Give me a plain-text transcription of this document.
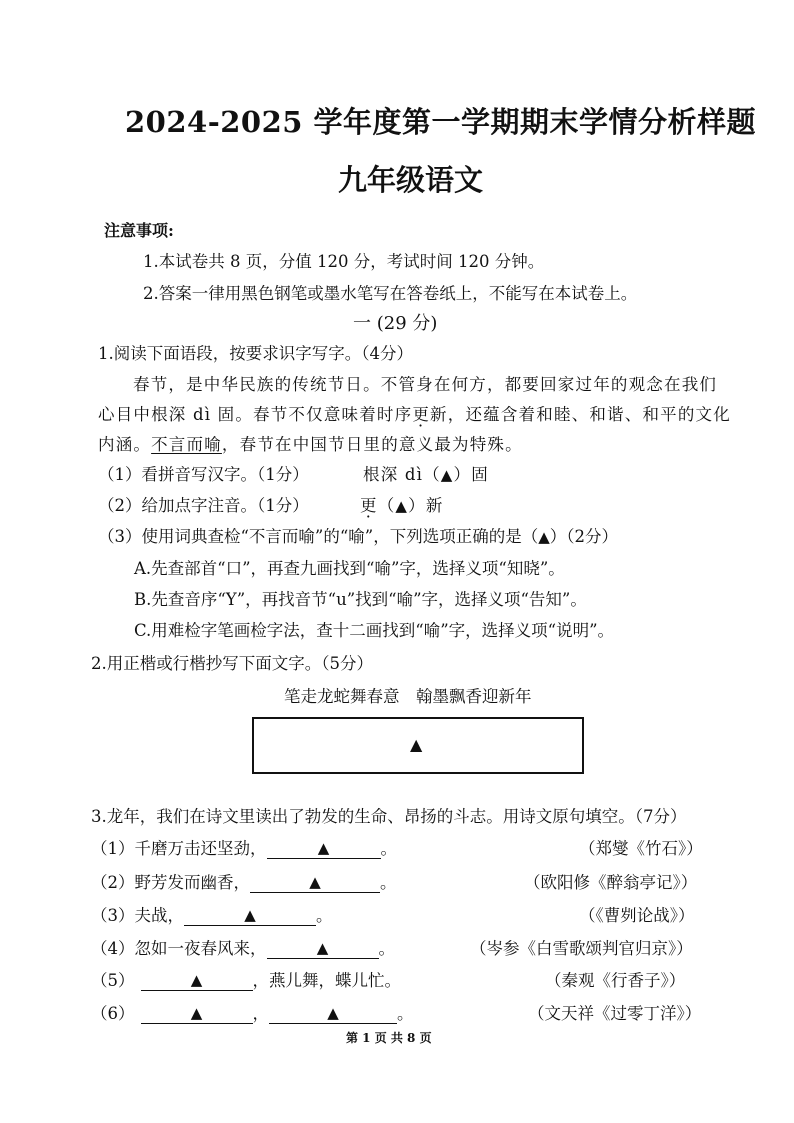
2024-2025 学年度第一学期期末学情分析样题
九年级语文
注意事项:
1.本试卷共 8 页，分值 120 分，考试时间 120 分钟。
2.答案一律用黑色钢笔或墨水笔写在答卷纸上，不能写在本试卷上。
一 (29 分)
1.阅读下面语段，按要求识字写字。（4分）
春节，是中华民族的传统节日。不管身在何方，都要回家过年的观念在我们
心目中根深 dì 固。春节不仅意味着时序更新，还蕴含着和睦、和谐、和平的文化
内涵。不言而喻，春节在中国节日里的意义最为特殊。
（1）看拼音写汉字。（1分）	根深 dì（▲）固
（2）给加点字注音。（1分）	更（▲）新
（3）使用词典查检“不言而喻”的“喻”，下列选项正确的是（▲）（2分）
A.先查部首“口”，再查九画找到“喻”字，选择义项“知晓”。
B.先查音序“Y”，再找音节“u”找到“喻”字，选择义项“告知”。
C.用难检字笔画检字法，查十二画找到“喻”字，选择义项“说明”。
2.用正楷或行楷抄写下面文字。（5分）
笔走龙蛇舞春意　翰墨飘香迎新年
▲
3.龙年，我们在诗文里读出了勃发的生命、昂扬的斗志。用诗文原句填空。（7分）
（1）千磨万击还坚劲，	▲	。	（郑燮《竹石》）
（2）野芳发而幽香，	▲	。	（欧阳修《醉翁亭记》）
（3）夫战，	▲	。	（《曹刿论战》）
（4）忽如一夜春风来，	▲	。	（岑参《白雪歌颂判官归京》）
（5）	▲	，燕儿舞，蝶儿忙。	（秦观《行香子》）
（6）	▲	，	▲	。	（文天祥《过零丁洋》）
第 1 页 共 8 页
